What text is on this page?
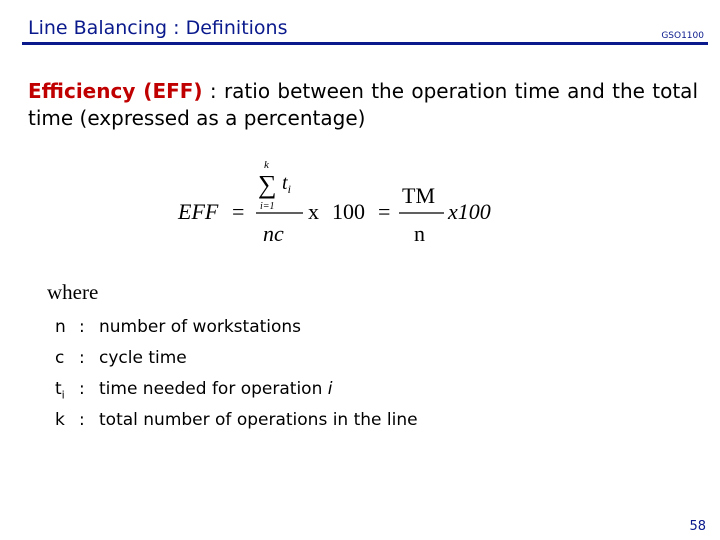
Line Balancing : Definitions	GSO1100
Efficiency (EFF) : ratio between the operation time and the total time (expressed as a percentage)
EFF =
k
∑ $t_i$
i=1
nc
x 100 =
TM
n
x100
where
n : number of workstations
c : cycle time
$t_i$ : time needed for operation i
k : total number of operations in the line
58
